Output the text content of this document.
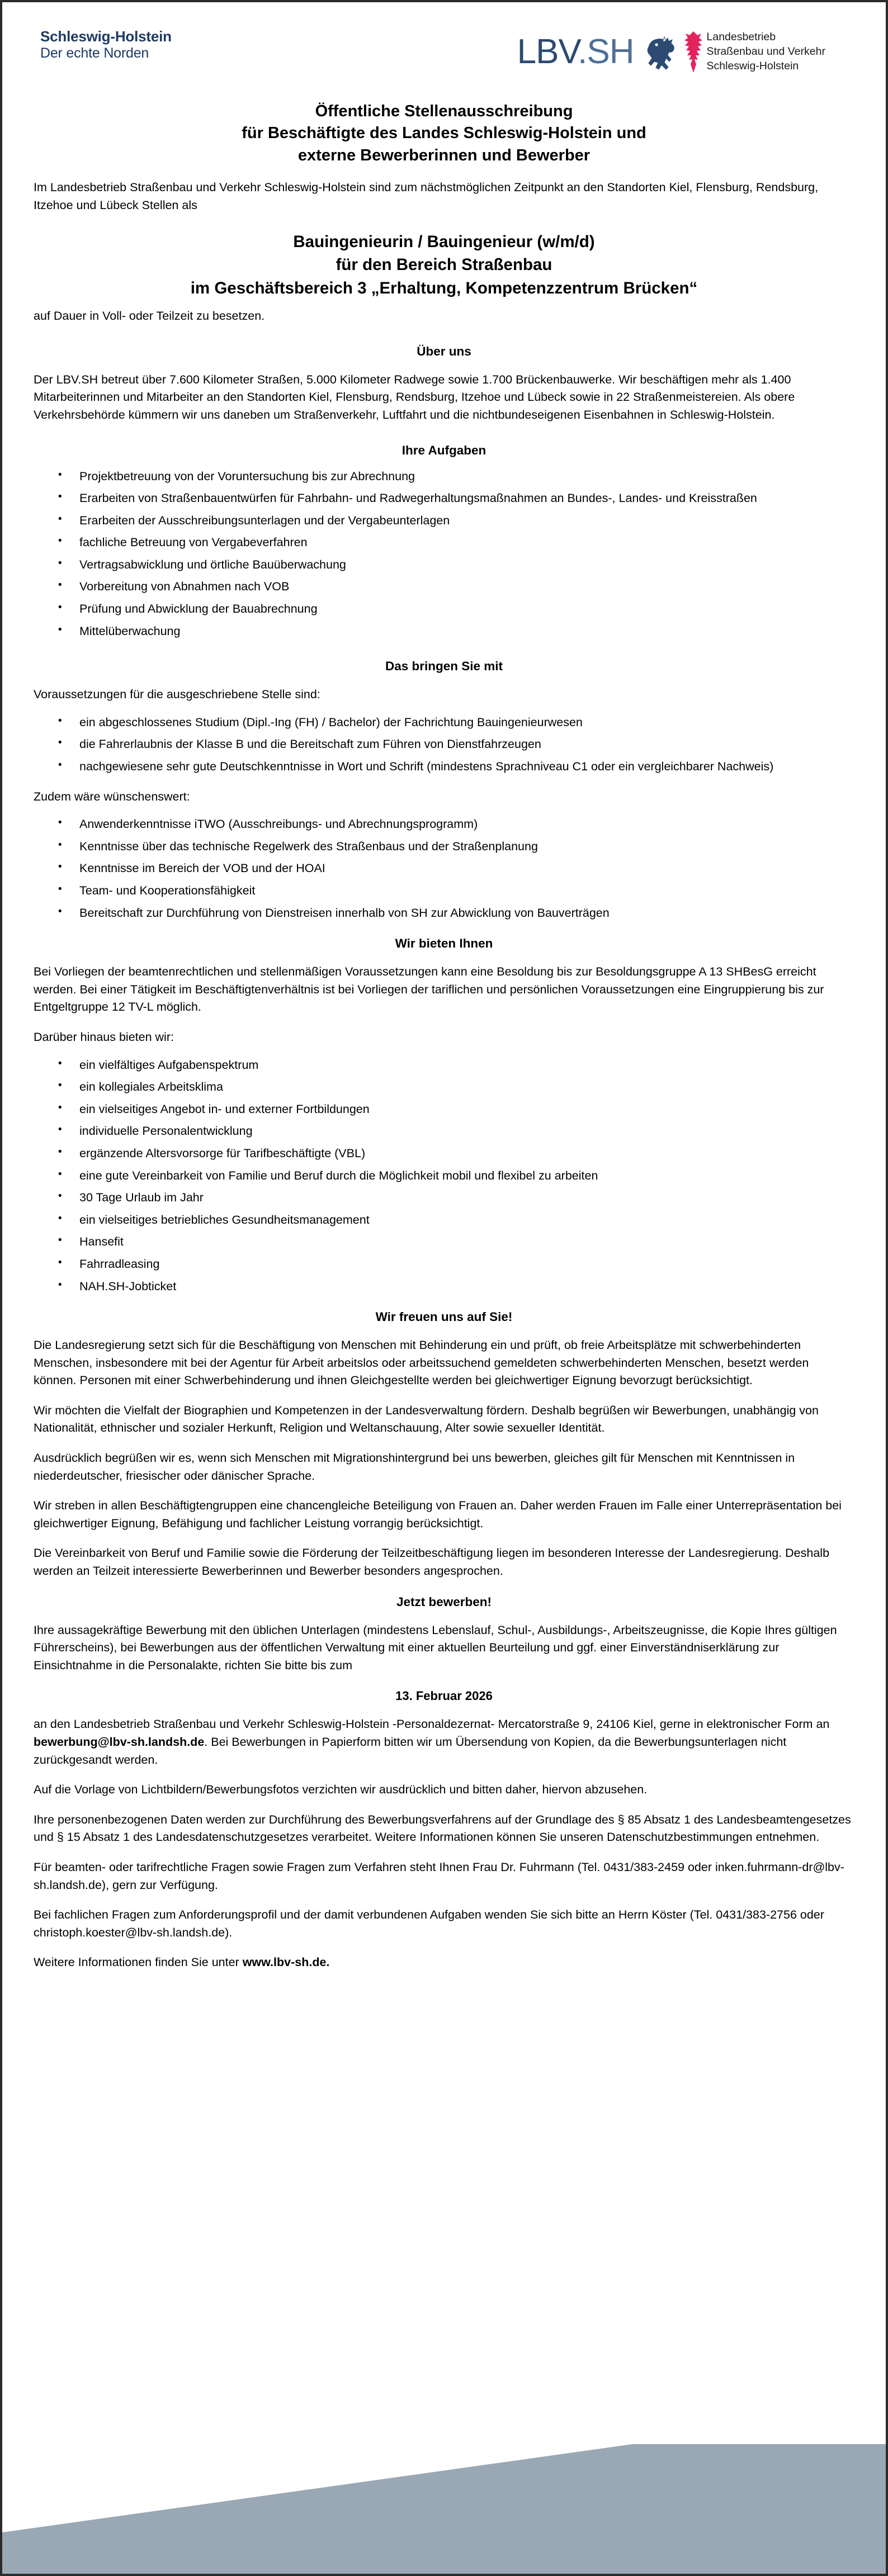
Schleswig-Holstein
Der echte Norden	LBV.SH	Landesbetrieb
Straßenbau und Verkehr
Schleswig-Holstein
Öffentliche Stellenausschreibung
für Beschäftigte des Landes Schleswig-Holstein und
externe Bewerberinnen und Bewerber

Im Landesbetrieb Straßenbau und Verkehr Schleswig-Holstein sind zum nächstmöglichen Zeitpunkt an den Standorten Kiel, Flensburg, Rendsburg, Itzehoe und Lübeck Stellen als

Bauingenieurin / Bauingenieur (w/m/d)
für den Bereich Straßenbau
im Geschäftsbereich 3 „Erhaltung, Kompetenzzentrum Brücken“

auf Dauer in Voll- oder Teilzeit zu besetzen.

Über uns

Der LBV.SH betreut über 7.600 Kilometer Straßen, 5.000 Kilometer Radwege sowie 1.700 Brückenbauwerke. Wir beschäftigen mehr als 1.400 Mitarbeiterinnen und Mitarbeiter an den Standorten Kiel, Flensburg, Rendsburg, Itzehoe und Lübeck sowie in 22 Straßenmeistereien. Als obere Verkehrsbehörde kümmern wir uns daneben um Straßenverkehr, Luftfahrt und die nichtbundeseigenen Eisenbahnen in Schleswig-Holstein.

Ihre Aufgaben
• Projektbetreuung von der Voruntersuchung bis zur Abrechnung
• Erarbeiten von Straßenbauentwürfen für Fahrbahn- und Radwegerhaltungsmaßnahmen an Bundes-, Landes- und Kreisstraßen
• Erarbeiten der Ausschreibungsunterlagen und der Vergabeunterlagen
• fachliche Betreuung von Vergabeverfahren
• Vertragsabwicklung und örtliche Bauüberwachung
• Vorbereitung von Abnahmen nach VOB
• Prüfung und Abwicklung der Bauabrechnung
• Mittelüberwachung
Das bringen Sie mit

Voraussetzungen für die ausgeschriebene Stelle sind:

• ein abgeschlossenes Studium (Dipl.-Ing (FH) / Bachelor) der Fachrichtung Bauingenieurwesen
• die Fahrerlaubnis der Klasse B und die Bereitschaft zum Führen von Dienstfahrzeugen
• nachgewiesene sehr gute Deutschkenntnisse in Wort und Schrift (mindestens Sprachniveau C1 oder ein vergleichbarer Nachweis)

Zudem wäre wünschenswert:

• Anwenderkenntnisse iTWO (Ausschreibungs- und Abrechnungsprogramm)
• Kenntnisse über das technische Regelwerk des Straßenbaus und der Straßenplanung
• Kenntnisse im Bereich der VOB und der HOAI
• Team- und Kooperationsfähigkeit
• Bereitschaft zur Durchführung von Dienstreisen innerhalb von SH zur Abwicklung von Bauverträgen
Wir bieten Ihnen

Bei Vorliegen der beamtenrechtlichen und stellenmäßigen Voraussetzungen kann eine Besoldung bis zur Besoldungsgruppe A 13 SHBesG erreicht werden. Bei einer Tätigkeit im Beschäftigtenverhältnis ist bei Vorliegen der tariflichen und persönlichen Voraussetzungen eine Eingruppierung bis zur Entgeltgruppe 12 TV-L möglich.

Darüber hinaus bieten wir:

• ein vielfältiges Aufgabenspektrum
• ein kollegiales Arbeitsklima
• ein vielseitiges Angebot in- und externer Fortbildungen
• individuelle Personalentwicklung
• ergänzende Altersvorsorge für Tarifbeschäftigte (VBL)
• eine gute Vereinbarkeit von Familie und Beruf durch die Möglichkeit mobil und flexibel zu arbeiten
• 30 Tage Urlaub im Jahr
• ein vielseitiges betriebliches Gesundheitsmanagement
• Hansefit
• Fahrradleasing
• NAH.SH-Jobticket
Wir freuen uns auf Sie!

Die Landesregierung setzt sich für die Beschäftigung von Menschen mit Behinderung ein und prüft, ob freie Arbeitsplätze mit schwerbehinderten Menschen, insbesondere mit bei der Agentur für Arbeit arbeitslos oder arbeitssuchend gemeldeten schwerbehinderten Menschen, besetzt werden können. Personen mit einer Schwerbehinderung und ihnen Gleichgestellte werden bei gleichwertiger Eignung bevorzugt berücksichtigt.

Wir möchten die Vielfalt der Biographien und Kompetenzen in der Landesverwaltung fördern. Deshalb begrüßen wir Bewerbungen, unabhängig von Nationalität, ethnischer und sozialer Herkunft, Religion und Weltanschauung, Alter sowie sexueller Identität.

Ausdrücklich begrüßen wir es, wenn sich Menschen mit Migrationshintergrund bei uns bewerben, gleiches gilt für Menschen mit Kenntnissen in niederdeutscher, friesischer oder dänischer Sprache.

Wir streben in allen Beschäftigtengruppen eine chancengleiche Beteiligung von Frauen an. Daher werden Frauen im Falle einer Unterrepräsentation bei gleichwertiger Eignung, Befähigung und fachlicher Leistung vorrangig berücksichtigt.

Die Vereinbarkeit von Beruf und Familie sowie die Förderung der Teilzeitbeschäftigung liegen im besonderen Interesse der Landesregierung. Deshalb werden an Teilzeit interessierte Bewerberinnen und Bewerber besonders angesprochen.

Jetzt bewerben!

Ihre aussagekräftige Bewerbung mit den üblichen Unterlagen (mindestens Lebenslauf, Schul-, Ausbildungs-, Arbeitszeugnisse, die Kopie Ihres gültigen Führerscheins), bei Bewerbungen aus der öffentlichen Verwaltung mit einer aktuellen Beurteilung und ggf. einer Einverständniserklärung zur Einsichtnahme in die Personalakte, richten Sie bitte bis zum

13. Februar 2026

an den Landesbetrieb Straßenbau und Verkehr Schleswig-Holstein -Personaldezernat- Mercatorstraße 9, 24106 Kiel, gerne in elektronischer Form an bewerbung@lbv-sh.landsh.de. Bei Bewerbungen in Papierform bitten wir um Übersendung von Kopien, da die Bewerbungsunterlagen nicht zurückgesandt werden.

Auf die Vorlage von Lichtbildern/Bewerbungsfotos verzichten wir ausdrücklich und bitten daher, hiervon abzusehen.

Ihre personenbezogenen Daten werden zur Durchführung des Bewerbungsverfahrens auf der Grundlage des § 85 Absatz 1 des Landesbeamtengesetzes und § 15 Absatz 1 des Landesdatenschutzgesetzes verarbeitet. Weitere Informationen können Sie unseren Datenschutzbestimmungen entnehmen.

Für beamten- oder tarifrechtliche Fragen sowie Fragen zum Verfahren steht Ihnen Frau Dr. Fuhrmann (Tel. 0431/383-2459 oder inken.fuhrmann-dr@lbv-sh.landsh.de), gern zur Verfügung.

Bei fachlichen Fragen zum Anforderungsprofil und der damit verbundenen Aufgaben wenden Sie sich bitte an Herrn Köster (Tel. 0431/383-2756 oder christoph.koester@lbv-sh.landsh.de).

Weitere Informationen finden Sie unter www.lbv-sh.de.
